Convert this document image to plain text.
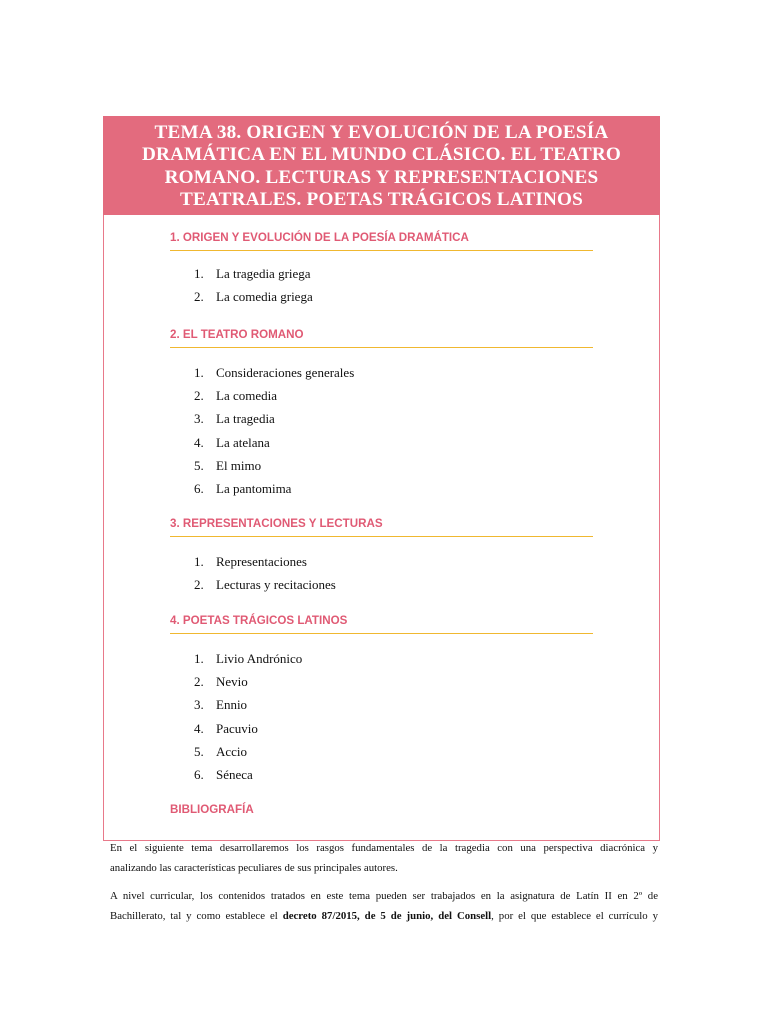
TEMA 38. ORIGEN Y EVOLUCIÓN DE LA POESÍA DRAMÁTICA EN EL MUNDO CLÁSICO. EL TEATRO ROMANO. LECTURAS Y REPRESENTACIONES TEATRALES. POETAS TRÁGICOS LATINOS
1. ORIGEN Y EVOLUCIÓN DE LA POESÍA DRAMÁTICA
1. La tragedia griega
2. La comedia griega
2. EL TEATRO ROMANO
1. Consideraciones generales
2. La comedia
3. La tragedia
4. La atelana
5. El mimo
6. La pantomima
3. REPRESENTACIONES Y LECTURAS
1. Representaciones
2. Lecturas y recitaciones
4. POETAS TRÁGICOS LATINOS
1. Livio Andrónico
2. Nevio
3. Ennio
4. Pacuvio
5. Accio
6. Séneca
BIBLIOGRAFÍA
En el siguiente tema desarrollaremos los rasgos fundamentales de la tragedia con una perspectiva diacrónica y
analizando las características peculiares de sus principales autores.
A nivel curricular, los contenidos tratados en este tema pueden ser trabajados en la asignatura de Latín II en 2º de
Bachillerato, tal y como establece el decreto 87/2015, de 5 de junio, del Consell, por el que establece el currículo y
